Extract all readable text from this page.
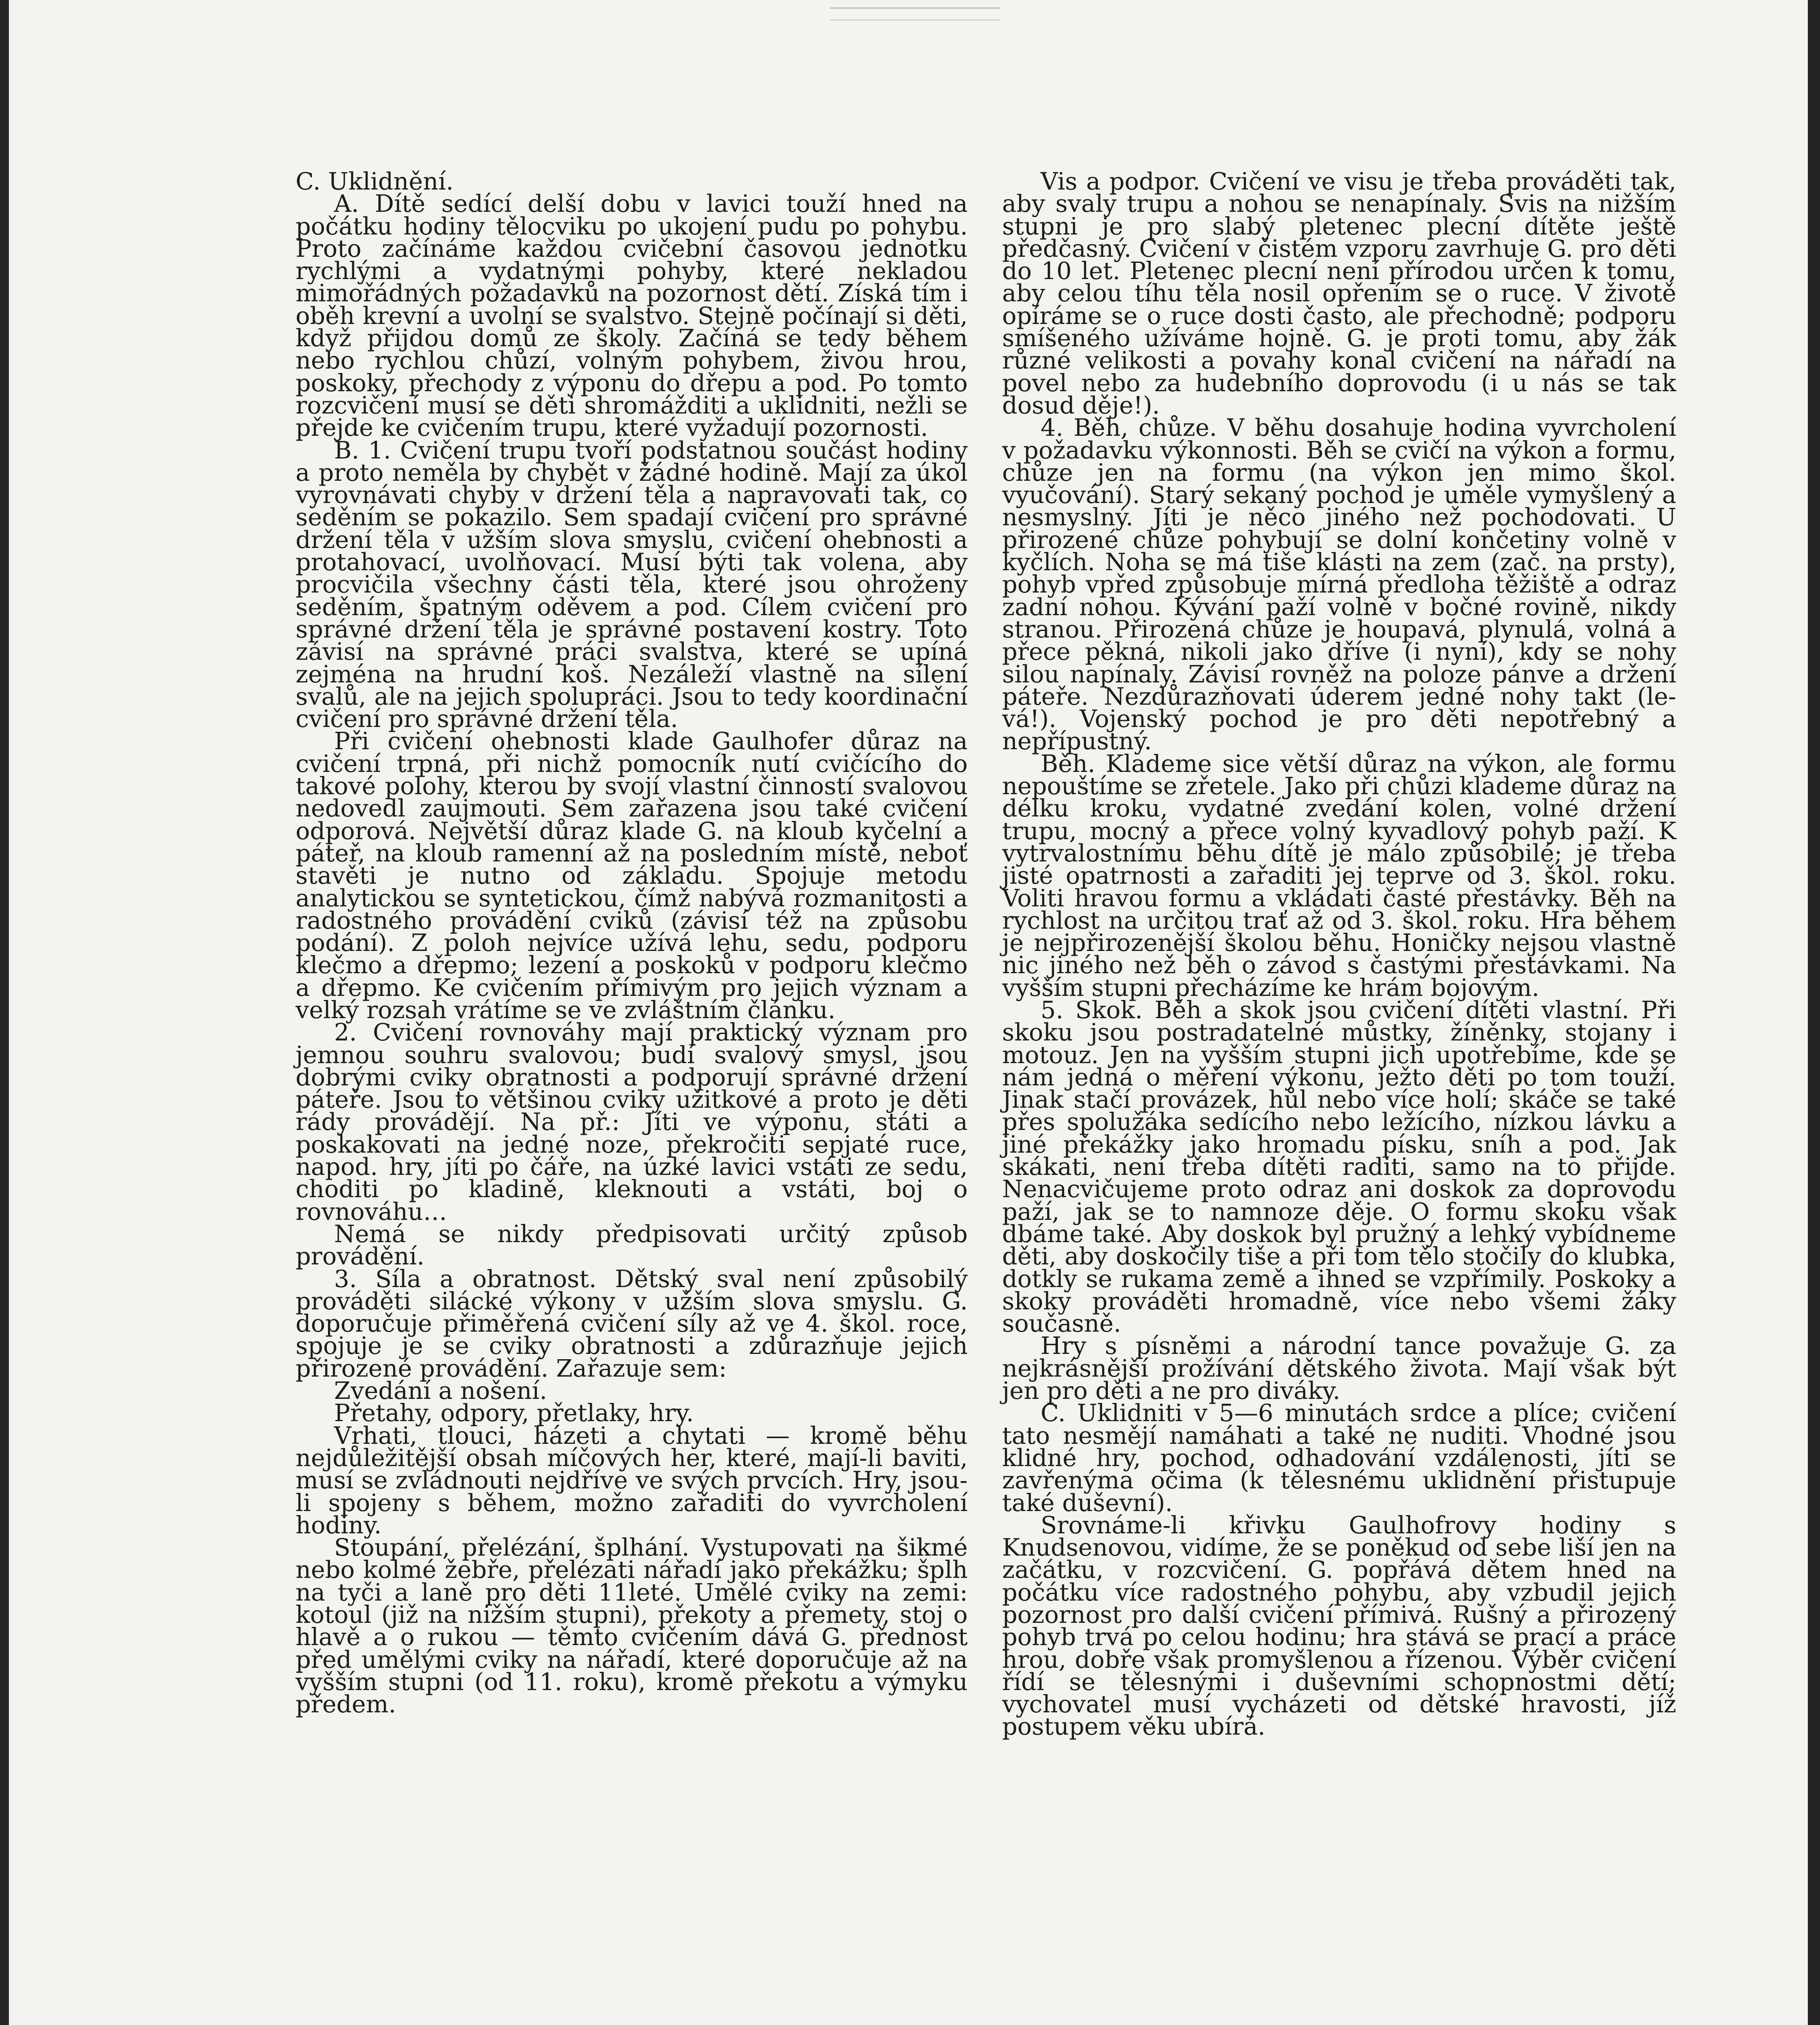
C. Uklidnění.

A. Dítě sedící delší dobu v lavici touží hned na počátku hodiny tělocviku po ukojení pudu po pohybu. Proto začínáme každou cvičební časovou jednotku rychlými a vydatnými pohyby, které nekladou mimořádných požadavků na pozornost dětí. Získá tím i oběh krevní a uvolní se svalstvo. Stejně počínají si děti, když přijdou domů ze školy. Začíná se tedy během nebo rychlou chůzí, volným pohybem, živou hrou, poskoky, přechody z výponu do dřepu a pod. Po tomto rozcvičení musí se děti shromážditi a uklidniti, nežli se přejde ke cvičením trupu, které vyžadují pozornosti.

B. 1. Cvičení trupu tvoří podstatnou součást hodiny a proto neměla by chybět v žádné hodině. Mají za úkol vyrovnávati chyby v držení těla a napravovati tak, co seděním se pokazilo. Sem spadají cvičení pro správné držení těla v užším slova smyslu, cvičení ohebnosti a protahovací, uvolňovací. Musí býti tak volena, aby procvičila všechny části těla, které jsou ohroženy seděním, špatným oděvem a pod. Cílem cvičení pro správné držení těla je správné postavení kostry. Toto závisí na správné práci svalstva, které se upíná zejména na hrudní koš. Nezáleží vlastně na sílení svalů, ale na jejich spolupráci. Jsou to tedy koordinační cvičení pro správné držení těla.

Při cvičení ohebnosti klade Gaulhofer důraz na cvičení trpná, při nichž pomocník nutí cvičícího do takové polohy, kterou by svojí vlastní činností svalovou nedovedl zaujmouti. Sem zařazena jsou také cvičení odporová. Největší důraz klade G. na kloub kyčelní a páteř, na kloub ramenní až na posledním místě, neboť stavěti je nutno od základu. Spojuje metodu analytickou se syntetickou, čímž nabývá rozmanitosti a radostného provádění cviků (závisí též na způsobu podání). Z poloh nejvíce užívá lehu, sedu, podporu klečmo a dřepmo; lezení a poskoků v podporu klečmo a dřepmo. Ke cvičením přímivým pro jejich význam a velký rozsah vrátíme se ve zvláštním článku.

2. Cvičení rovnováhy mají praktický význam pro jemnou souhru svalovou; budí svalový smysl, jsou dobrými cviky obratnosti a podporují správné držení páteře. Jsou to většinou cviky užitkové a proto je děti rády provádějí. Na př.: Jíti ve výponu, státi a poskakovati na jedné noze, překročiti sepjaté ruce, napod. hry, jíti po čáře, na úzké lavici vstáti ze sedu, choditi po kladině, kleknouti a vstáti, boj o rovnováhu…

Nemá se nikdy předpisovati určitý způsob provádění.

3. Síla a obratnost. Dětský sval není způsobilý prováděti silácké výkony v užším slova smyslu. G. doporučuje přiměřená cvičení síly až ve 4. škol. roce, spojuje je se cviky obratnosti a zdůrazňuje jejich přirozené provádění. Zařazuje sem:

Zvedání a nošení.

Přetahy, odpory, přetlaky, hry.

Vrhati, tlouci, házeti a chytati — kromě běhu nejdůležitější obsah míčových her, které, mají-li baviti, musí se zvládnouti nejdříve ve svých prvcích. Hry, jsou-li spojeny s během, možno zařaditi do vyvrcholení hodiny.

Stoupání, přelézání, šplhání. Vystupovati na šikmé nebo kolmé žebře, přelézati nářadí jako překážku; šplh na tyči a laně pro děti 11leté. Umělé cviky na zemi: kotoul (již na nižším stupni), překoty a přemety, stoj o hlavě a o rukou — těmto cvičením dává G. přednost před umělými cviky na nářadí, které doporučuje až na vyšším stupni (od 11. roku), kromě překotu a výmyku předem.

Vis a podpor. Cvičení ve visu je třeba prováděti tak, aby svaly trupu a nohou se nenapínaly. Svis na nižším stupni je pro slabý pletenec plecní dítěte ještě předčasný. Cvičení v čistém vzporu zavrhuje G. pro děti do 10 let. Pletenec plecní není přírodou určen k tomu, aby celou tíhu těla nosil opřením se o ruce. V životě opíráme se o ruce dosti často, ale přechodně; podporu smíšeného užíváme hojně. G. je proti tomu, aby žák různé velikosti a povahy konal cvičení na nářadí na povel nebo za hudebního doprovodu (i u nás se tak dosud děje!).

4. Běh, chůze. V běhu dosahuje hodina vyvrcholení v požadavku výkonnosti. Běh se cvičí na výkon a formu, chůze jen na formu (na výkon jen mimo škol. vyučování). Starý sekaný pochod je uměle vymyšlený a nesmyslný. Jíti je něco jiného než pochodovati. U přirozené chůze pohybují se dolní končetiny volně v kyčlích. Noha se má tiše klásti na zem (zač. na prsty), pohyb vpřed způsobuje mírná předloha těžiště a odraz zadní nohou. Kývání paží volně v bočné rovině, nikdy stranou. Přirozená chůze je houpavá, plynulá, volná a přece pěkná, nikoli jako dříve (i nyní), kdy se nohy silou napínaly. Závisí rovněž na poloze pánve a držení páteře. Nezdůrazňovati úderem jedné nohy takt (le-vá!). Vojenský pochod je pro děti nepotřebný a nepřípustný.

Běh. Klademe sice větší důraz na výkon, ale formu nepouštíme se zřetele. Jako při chůzi klademe důraz na délku kroku, vydatné zvedání kolen, volné držení trupu, mocný a přece volný kyvadlový pohyb paží. K vytrvalostnímu běhu dítě je málo způsobilé; je třeba jisté opatrnosti a zařaditi jej teprve od 3. škol. roku. Voliti hravou formu a vkládati časté přestávky. Běh na rychlost na určitou trať až od 3. škol. roku. Hra během je nejpřirozenější školou běhu. Honičky nejsou vlastně nic jiného než běh o závod s častými přestávkami. Na vyšším stupni přecházíme ke hrám bojovým.

5. Skok. Běh a skok jsou cvičení dítěti vlastní. Při skoku jsou postradatelné můstky, žíněnky, stojany i motouz. Jen na vyšším stupni jich upotřebíme, kde se nám jedná o měření výkonu, ježto děti po tom touží. Jinak stačí provázek, hůl nebo více holí; skáče se také přes spolužáka sedícího nebo ležícího, nízkou lávku a jiné překážky jako hromadu písku, sníh a pod. Jak skákati, není třeba dítěti raditi, samo na to přijde. Nenacvičujeme proto odraz ani doskok za doprovodu paží, jak se to namnoze děje. O formu skoku však dbáme také. Aby doskok byl pružný a lehký vybídneme děti, aby doskočily tiše a při tom tělo stočily do klubka, dotkly se rukama země a ihned se vzpřímily. Poskoky a skoky prováděti hromadně, více nebo všemi žáky současně.

Hry s písněmi a národní tance považuje G. za nejkrásnější prožívání dětského života. Mají však být jen pro děti a ne pro diváky.

C. Uklidniti v 5—6 minutách srdce a plíce; cvičení tato nesmějí namáhati a také ne nuditi. Vhodné jsou klidné hry, pochod, odhadování vzdálenosti, jíti se zavřenýma očima (k tělesnému uklidnění přistupuje také duševní).

Srovnáme-li křivku Gaulhofrovy hodiny s Knudsenovou, vidíme, že se poněkud od sebe liší jen na začátku, v rozcvičení. G. popřává dětem hned na počátku více radostného pohybu, aby vzbudil jejich pozornost pro další cvičení přímivá. Rušný a přirozený pohyb trvá po celou hodinu; hra stává se prací a práce hrou, dobře však promyšlenou a řízenou. Výběr cvičení řídí se tělesnými i duševními schopnostmi dětí; vychovatel musí vycházeti od dětské hravosti, jíž postupem věku ubírá.
